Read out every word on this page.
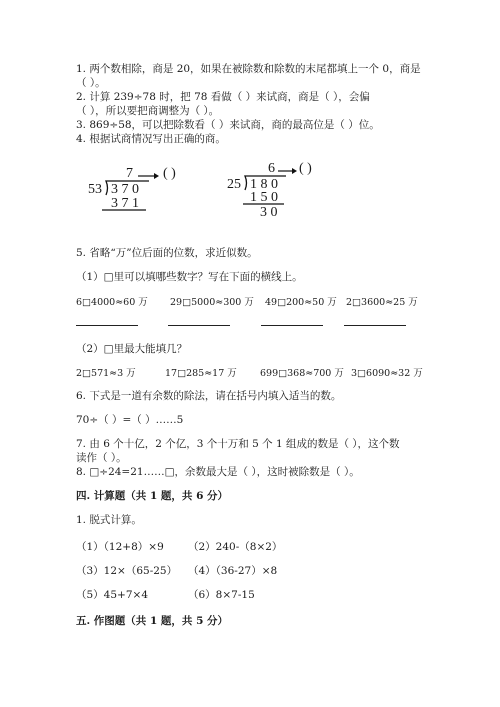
1. 两个数相除，商是 20，如果在被除数和除数的末尾都填上一个 0，商是
（ ）。
2. 计算 239÷78 时，把 78 看做（ ）来试商，商是（ ），会偏
（ ），所以要把商调整为（ ）。
3. 869÷58，可以把除数看（ ）来试商，商的最高位是（ ）位。
4. 根据试商情况写出正确的商。
7
53 3 7 0
3 7 1
( )	6
25 1 8 0
1 5 0
3 0
( )
5. 省略“万”位后面的位数，求近似数。
（1）□里可以填哪些数字？写在下面的横线上。
6□4000≈60 万 29□5000≈300 万 49□200≈50 万 2□3600≈25 万
（2）□里最大能填几？
2□571≈3 万	17□285≈17 万 699□368≈700 万 3□6090≈32 万
6. 下式是一道有余数的除法，请在括号内填入适当的数。
70÷（ ）=（ ）……5
7. 由 6 个十亿，2 个亿，3 个十万和 5 个 1 组成的数是（ ），这个数
读作（ ）。
8. □÷24=21……□，余数最大是（ ），这时被除数是（ ）。
四. 计算题（共 1 题，共 6 分）
1. 脱式计算。
（1）（12+8）×9 （2）240-（8×2）
（3）12×（65-25） （4）（36-27）×8
（5）45+7×4	（6）8×7-15
五. 作图题（共 1 题，共 5 分）
